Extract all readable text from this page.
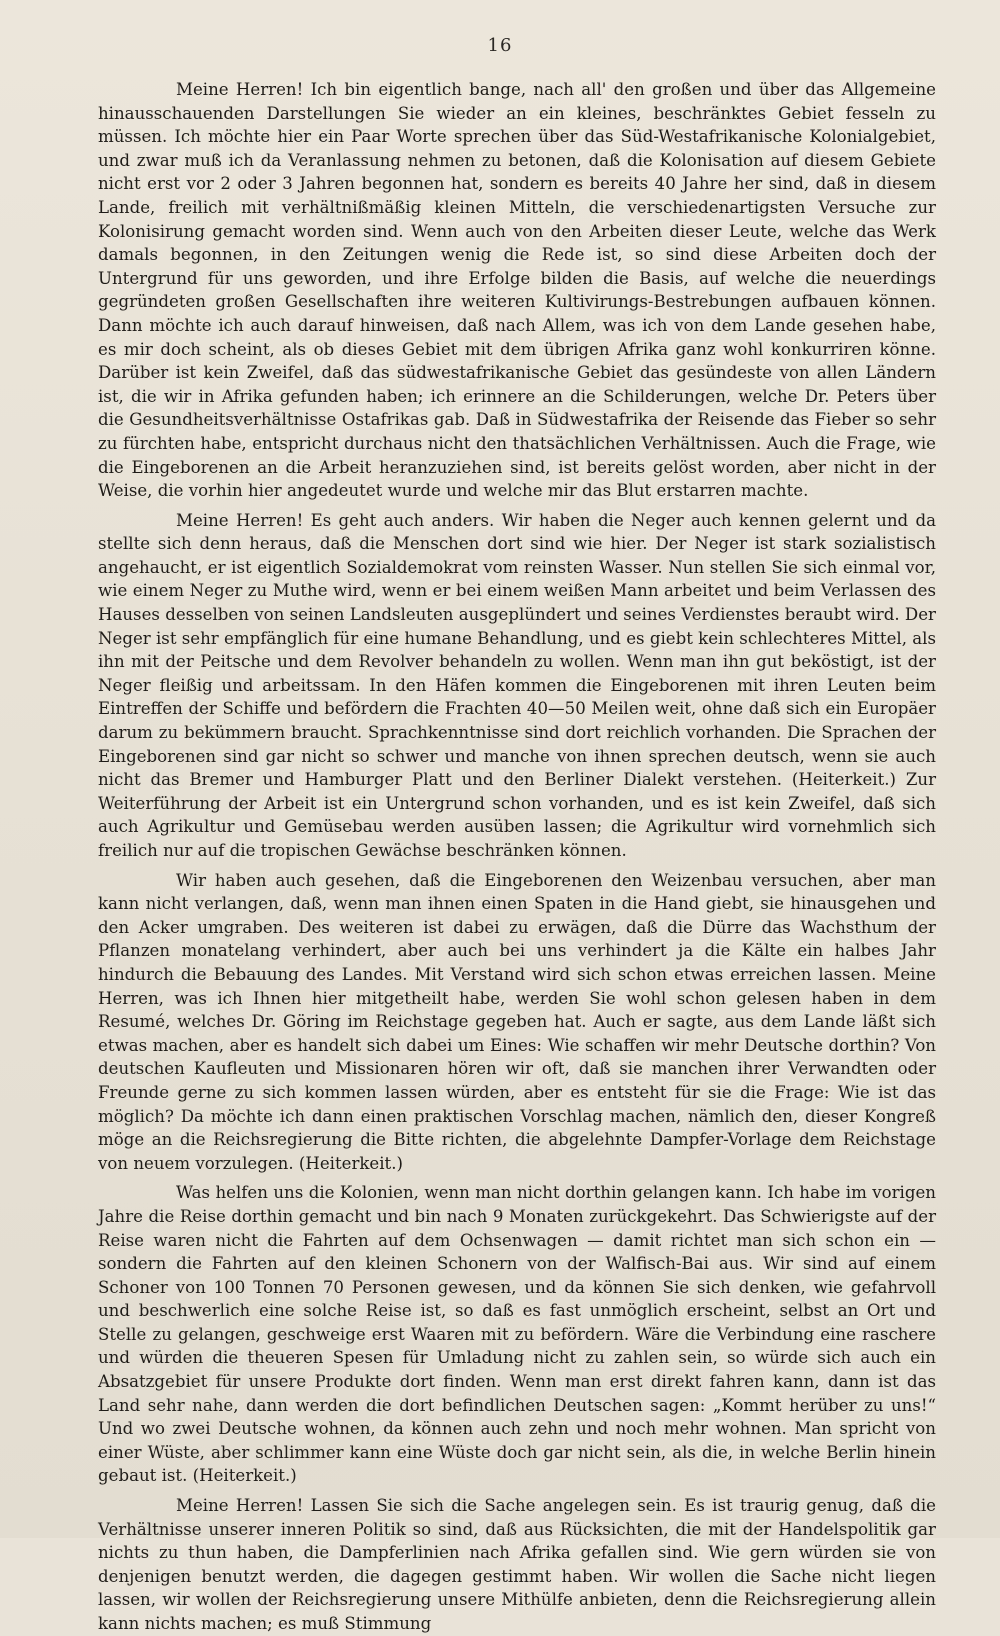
16

Meine Herren! Ich bin eigentlich bange, nach all' den großen und über das Allgemeine hinausschauenden Darstellungen Sie wieder an ein kleines, beschränktes Gebiet fesseln zu müssen. Ich möchte hier ein Paar Worte sprechen über das Süd-Westafrikanische Kolonialgebiet, und zwar muß ich da Veranlassung nehmen zu betonen, daß die Kolonisation auf diesem Gebiete nicht erst vor 2 oder 3 Jahren begonnen hat, sondern es bereits 40 Jahre her sind, daß in diesem Lande, freilich mit verhältnißmäßig kleinen Mitteln, die verschiedenartigsten Versuche zur Kolonisirung gemacht worden sind. Wenn auch von den Arbeiten dieser Leute, welche das Werk damals begonnen, in den Zeitungen wenig die Rede ist, so sind diese Arbeiten doch der Untergrund für uns geworden, und ihre Erfolge bilden die Basis, auf welche die neuerdings gegründeten großen Gesellschaften ihre weiteren Kultivirungs-Bestrebungen aufbauen können. Dann möchte ich auch darauf hinweisen, daß nach Allem, was ich von dem Lande gesehen habe, es mir doch scheint, als ob dieses Gebiet mit dem übrigen Afrika ganz wohl konkurriren könne. Darüber ist kein Zweifel, daß das südwestafrikanische Gebiet das gesündeste von allen Ländern ist, die wir in Afrika gefunden haben; ich erinnere an die Schilderungen, welche Dr. Peters über die Gesundheitsverhältnisse Ostafrikas gab. Daß in Südwestafrika der Reisende das Fieber so sehr zu fürchten habe, entspricht durchaus nicht den thatsächlichen Verhältnissen. Auch die Frage, wie die Eingeborenen an die Arbeit heranzuziehen sind, ist bereits gelöst worden, aber nicht in der Weise, die vorhin hier angedeutet wurde und welche mir das Blut erstarren machte.

Meine Herren! Es geht auch anders. Wir haben die Neger auch kennen gelernt und da stellte sich denn heraus, daß die Menschen dort sind wie hier. Der Neger ist stark sozialistisch angehaucht, er ist eigentlich Sozialdemokrat vom reinsten Wasser. Nun stellen Sie sich einmal vor, wie einem Neger zu Muthe wird, wenn er bei einem weißen Mann arbeitet und beim Verlassen des Hauses desselben von seinen Landsleuten ausgeplündert und seines Verdienstes beraubt wird. Der Neger ist sehr empfänglich für eine humane Behandlung, und es giebt kein schlechteres Mittel, als ihn mit der Peitsche und dem Revolver behandeln zu wollen. Wenn man ihn gut beköstigt, ist der Neger fleißig und arbeitssam. In den Häfen kommen die Eingeborenen mit ihren Leuten beim Eintreffen der Schiffe und befördern die Frachten 40—50 Meilen weit, ohne daß sich ein Europäer darum zu bekümmern braucht. Sprachkenntnisse sind dort reichlich vorhanden. Die Sprachen der Eingeborenen sind gar nicht so schwer und manche von ihnen sprechen deutsch, wenn sie auch nicht das Bremer und Hamburger Platt und den Berliner Dialekt verstehen. (Heiterkeit.) Zur Weiterführung der Arbeit ist ein Untergrund schon vorhanden, und es ist kein Zweifel, daß sich auch Agrikultur und Gemüsebau werden ausüben lassen; die Agrikultur wird vornehmlich sich freilich nur auf die tropischen Gewächse beschränken können.

Wir haben auch gesehen, daß die Eingeborenen den Weizenbau versuchen, aber man kann nicht verlangen, daß, wenn man ihnen einen Spaten in die Hand giebt, sie hinausgehen und den Acker umgraben. Des weiteren ist dabei zu erwägen, daß die Dürre das Wachsthum der Pflanzen monatelang verhindert, aber auch bei uns verhindert ja die Kälte ein halbes Jahr hindurch die Bebauung des Landes. Mit Verstand wird sich schon etwas erreichen lassen. Meine Herren, was ich Ihnen hier mitgetheilt habe, werden Sie wohl schon gelesen haben in dem Resumé, welches Dr. Göring im Reichstage gegeben hat. Auch er sagte, aus dem Lande läßt sich etwas machen, aber es handelt sich dabei um Eines: Wie schaffen wir mehr Deutsche dorthin? Von deutschen Kaufleuten und Missionaren hören wir oft, daß sie manchen ihrer Verwandten oder Freunde gerne zu sich kommen lassen würden, aber es entsteht für sie die Frage: Wie ist das möglich? Da möchte ich dann einen praktischen Vorschlag machen, nämlich den, dieser Kongreß möge an die Reichsregierung die Bitte richten, die abgelehnte Dampfer-Vorlage dem Reichstage von neuem vorzulegen. (Heiterkeit.)

Was helfen uns die Kolonien, wenn man nicht dorthin gelangen kann. Ich habe im vorigen Jahre die Reise dorthin gemacht und bin nach 9 Monaten zurückgekehrt. Das Schwierigste auf der Reise waren nicht die Fahrten auf dem Ochsenwagen — damit richtet man sich schon ein — sondern die Fahrten auf den kleinen Schonern von der Walfisch-Bai aus. Wir sind auf einem Schoner von 100 Tonnen 70 Personen gewesen, und da können Sie sich denken, wie gefahrvoll und beschwerlich eine solche Reise ist, so daß es fast unmöglich erscheint, selbst an Ort und Stelle zu gelangen, geschweige erst Waaren mit zu befördern. Wäre die Verbindung eine raschere und würden die theueren Spesen für Umladung nicht zu zahlen sein, so würde sich auch ein Absatzgebiet für unsere Produkte dort finden. Wenn man erst direkt fahren kann, dann ist das Land sehr nahe, dann werden die dort befindlichen Deutschen sagen: „Kommt herüber zu uns!“ Und wo zwei Deutsche wohnen, da können auch zehn und noch mehr wohnen. Man spricht von einer Wüste, aber schlimmer kann eine Wüste doch gar nicht sein, als die, in welche Berlin hinein gebaut ist. (Heiterkeit.)

Meine Herren! Lassen Sie sich die Sache angelegen sein. Es ist traurig genug, daß die Verhältnisse unserer inneren Politik so sind, daß aus Rücksichten, die mit der Handelspolitik gar nichts zu thun haben, die Dampferlinien nach Afrika gefallen sind. Wie gern würden sie von denjenigen benutzt werden, die dagegen gestimmt haben. Wir wollen die Sache nicht liegen lassen, wir wollen der Reichsregierung unsere Mithülfe anbieten, denn die Reichsregierung allein kann nichts machen; es muß Stimmung
